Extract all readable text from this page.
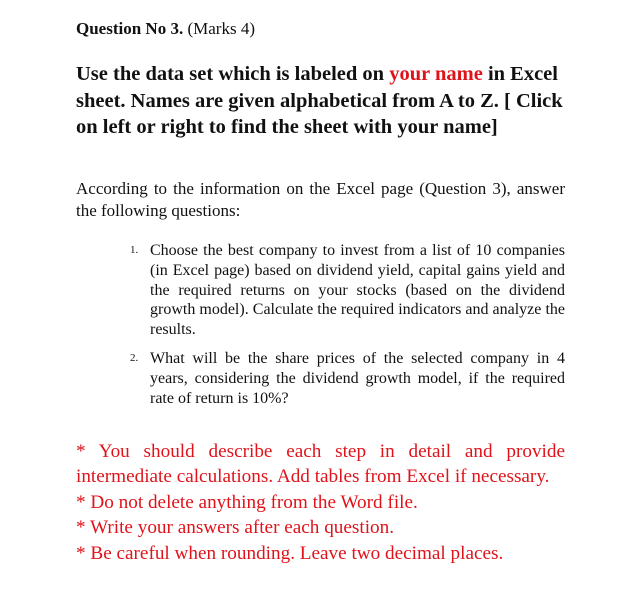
Question No 3. (Marks 4)
Use the data set which is labeled on your name in Excel sheet. Names are given alphabetical from A to Z. [ Click on left or right to find the sheet with your name]
According to the information on the Excel page (Question 3), answer the following questions:
1. Choose the best company to invest from a list of 10 companies (in Excel page) based on dividend yield, capital gains yield and the required returns on your stocks (based on the dividend growth model). Calculate the required indicators and analyze the results.
2. What will be the share prices of the selected company in 4 years, considering the dividend growth model, if the required rate of return is 10%?
* You should describe each step in detail and provide intermediate calculations. Add tables from Excel if necessary.
* Do not delete anything from the Word file.
* Write your answers after each question.
* Be careful when rounding. Leave two decimal places.
